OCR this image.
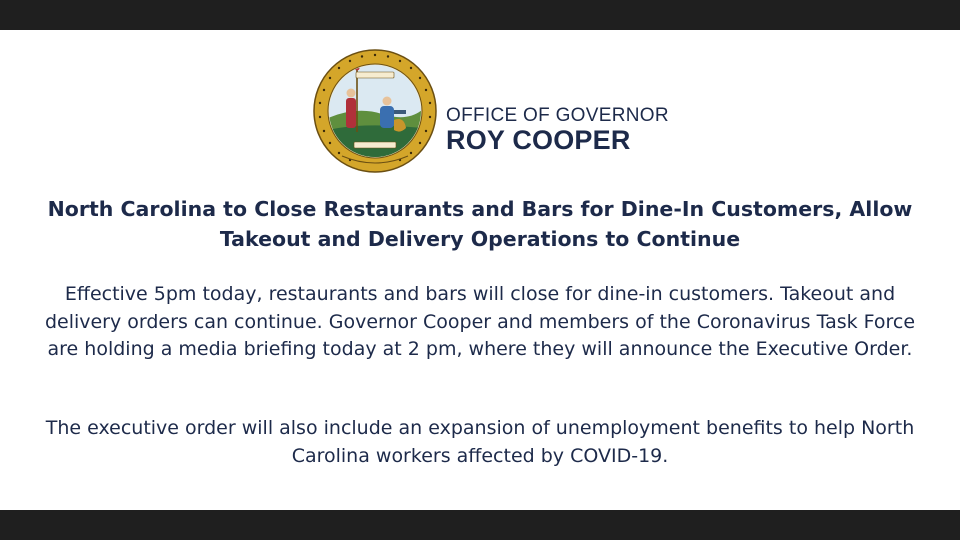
OFFICE OF GOVERNOR
ROY COOPER
North Carolina to Close Restaurants and Bars for Dine-In Customers, Allow Takeout and Delivery Operations to Continue
Effective 5pm today, restaurants and bars will close for dine-in customers. Takeout and delivery orders can continue. Governor Cooper and members of the Coronavirus Task Force are holding a media briefing today at 2 pm, where they will announce the Executive Order.
The executive order will also include an expansion of unemployment benefits to help North Carolina workers affected by COVID-19.
